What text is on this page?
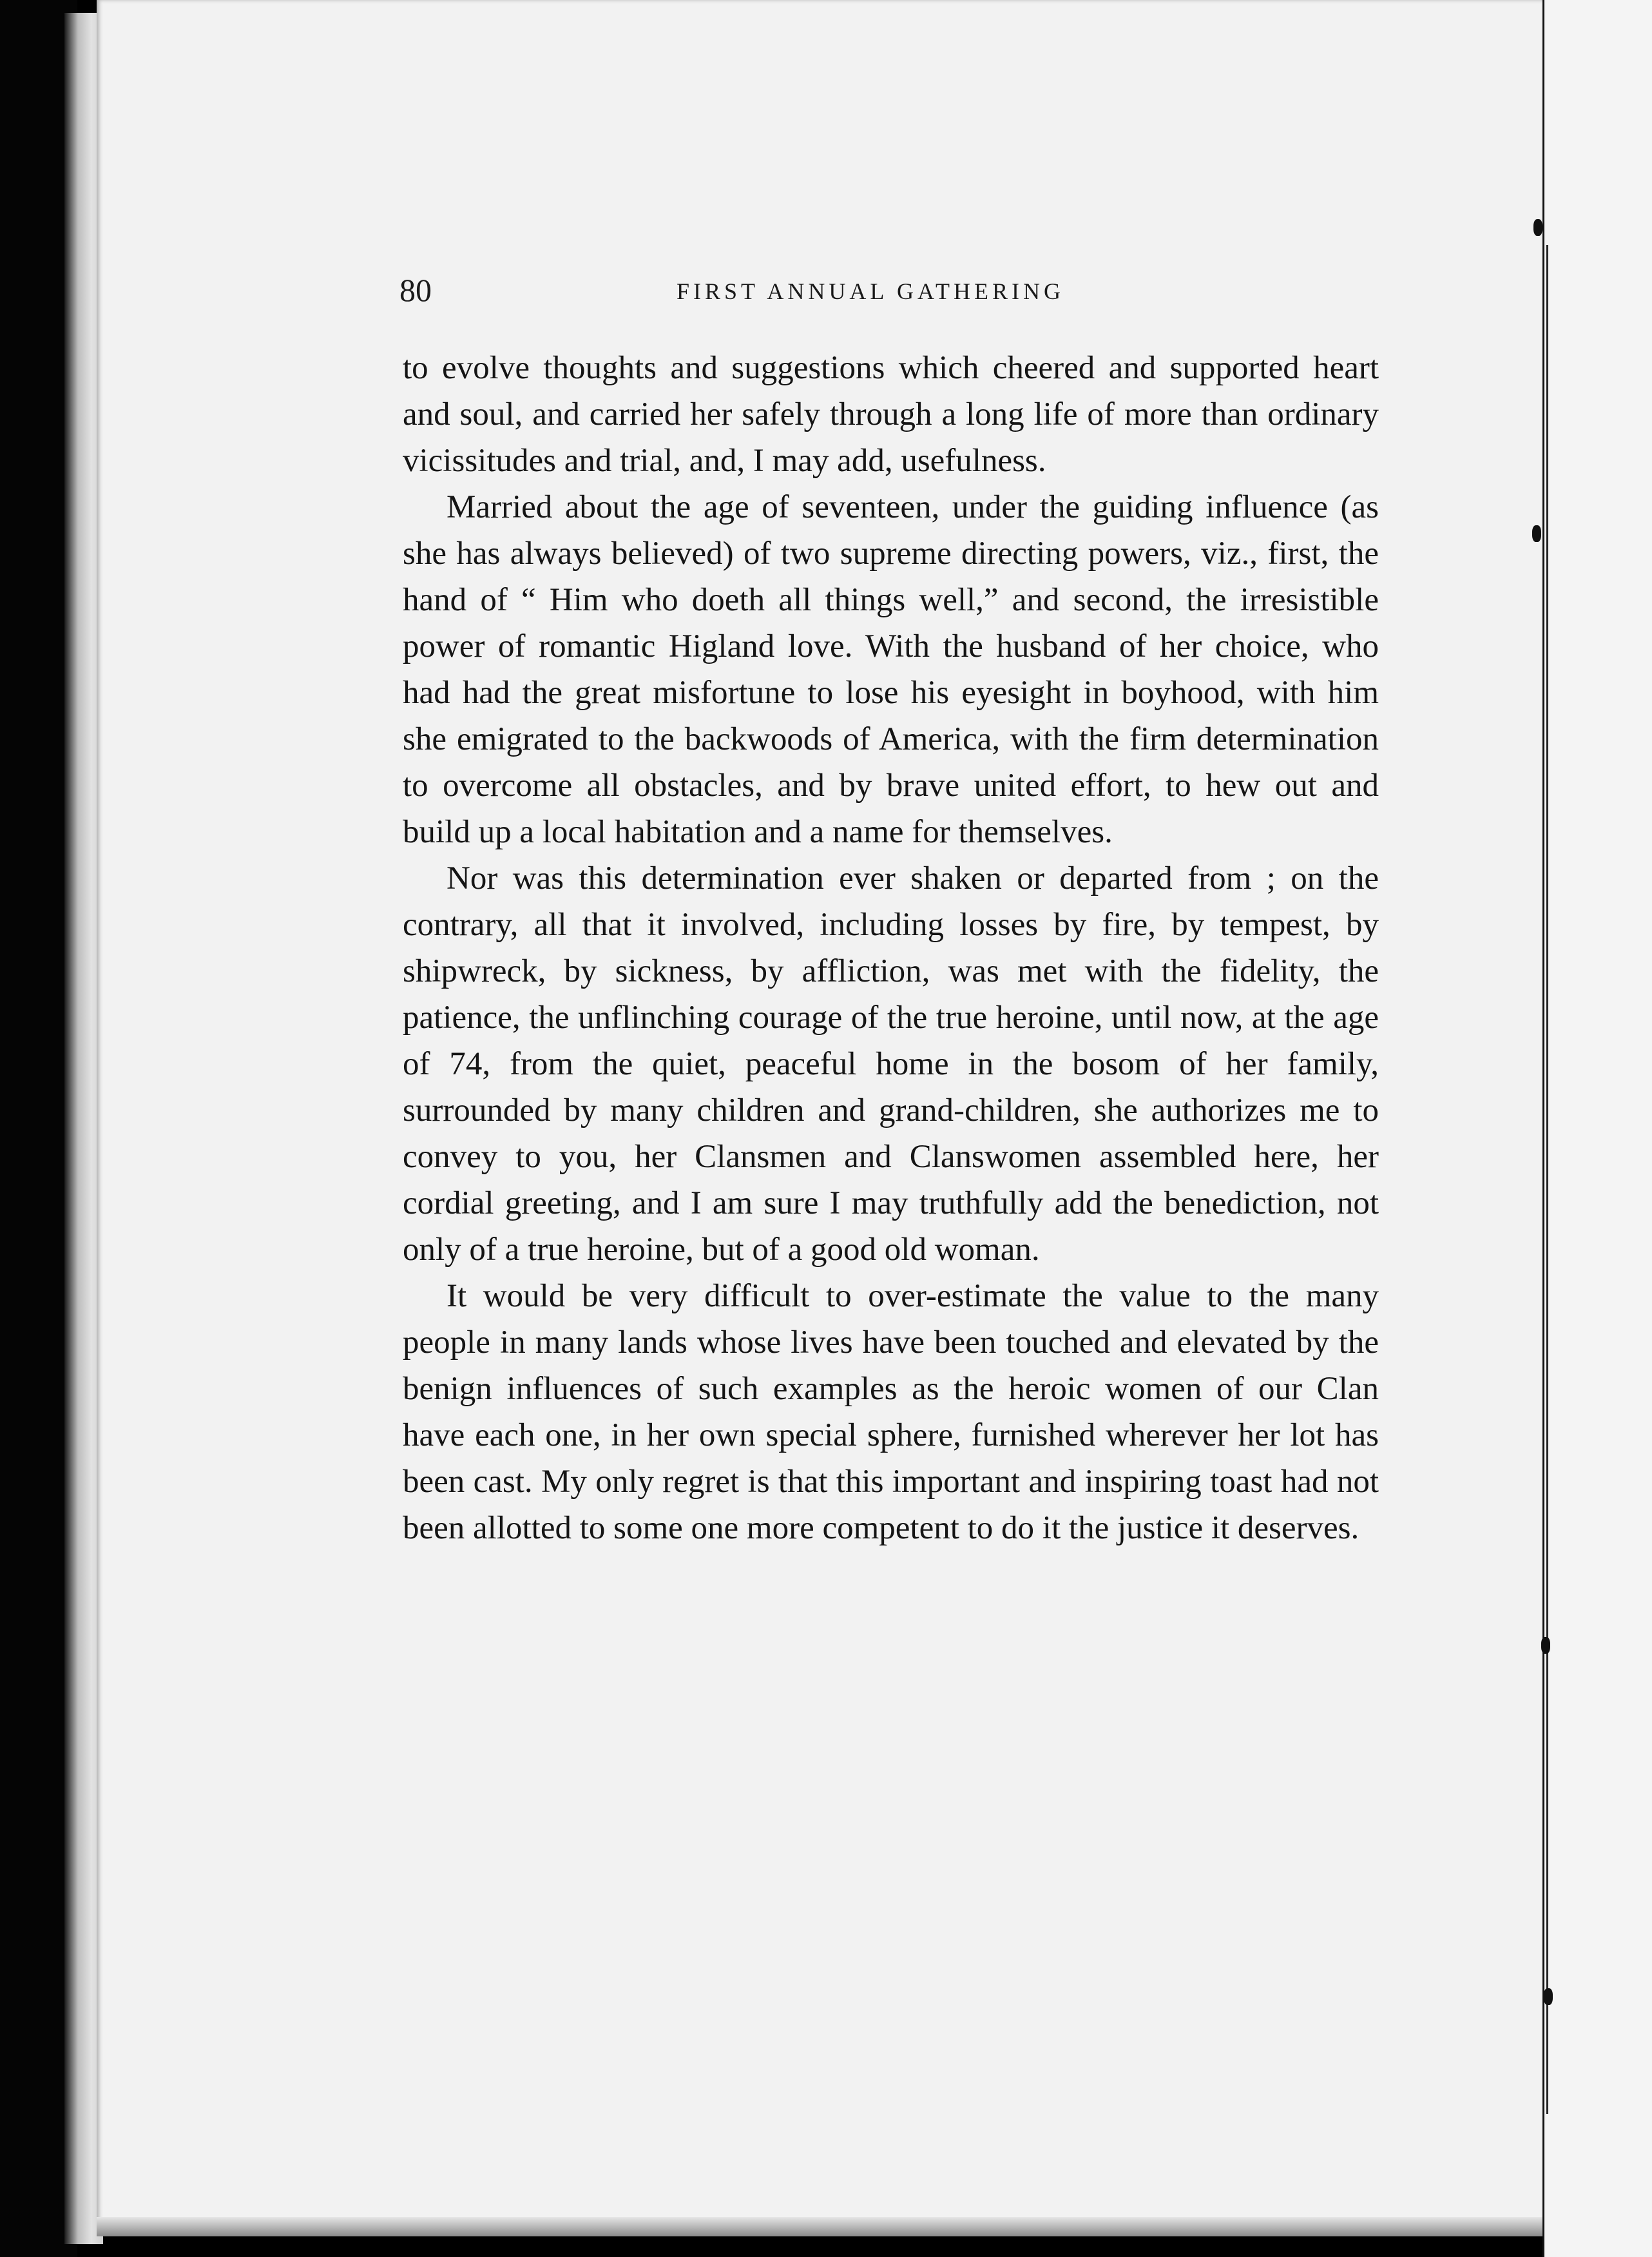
80	FIRST ANNUAL GATHERING

to evolve thoughts and suggestions which cheered and supported heart and soul, and carried her safely through a long life of more than ordinary vicissitudes and trial, and, I may add, usefulness.

Married about the age of seventeen, under the guiding influence (as she has always believed) of two supreme directing powers, viz., first, the hand of “ Him who doeth all things well,” and second, the irresistible power of romantic Higland love. With the husband of her choice, who had had the great misfortune to lose his eyesight in boyhood, with him she emigrated to the backwoods of America, with the firm determination to overcome all obstacles, and by brave united effort, to hew out and build up a local habitation and a name for themselves.

Nor was this determination ever shaken or departed from ; on the contrary, all that it involved, including losses by fire, by tempest, by shipwreck, by sickness, by affliction, was met with the fidelity, the patience, the unflinching courage of the true heroine, until now, at the age of 74, from the quiet, peaceful home in the bosom of her family, surrounded by many children and grand-children, she authorizes me to convey to you, her Clansmen and Clanswomen assembled here, her cordial greeting, and I am sure I may truthfully add the benediction, not only of a true heroine, but of a good old woman.

It would be very difficult to over-estimate the value to the many people in many lands whose lives have been touched and elevated by the benign influences of such examples as the heroic women of our Clan have each one, in her own special sphere, furnished wherever her lot has been cast. My only regret is that this important and inspiring toast had not been allotted to some one more competent to do it the justice it deserves.
